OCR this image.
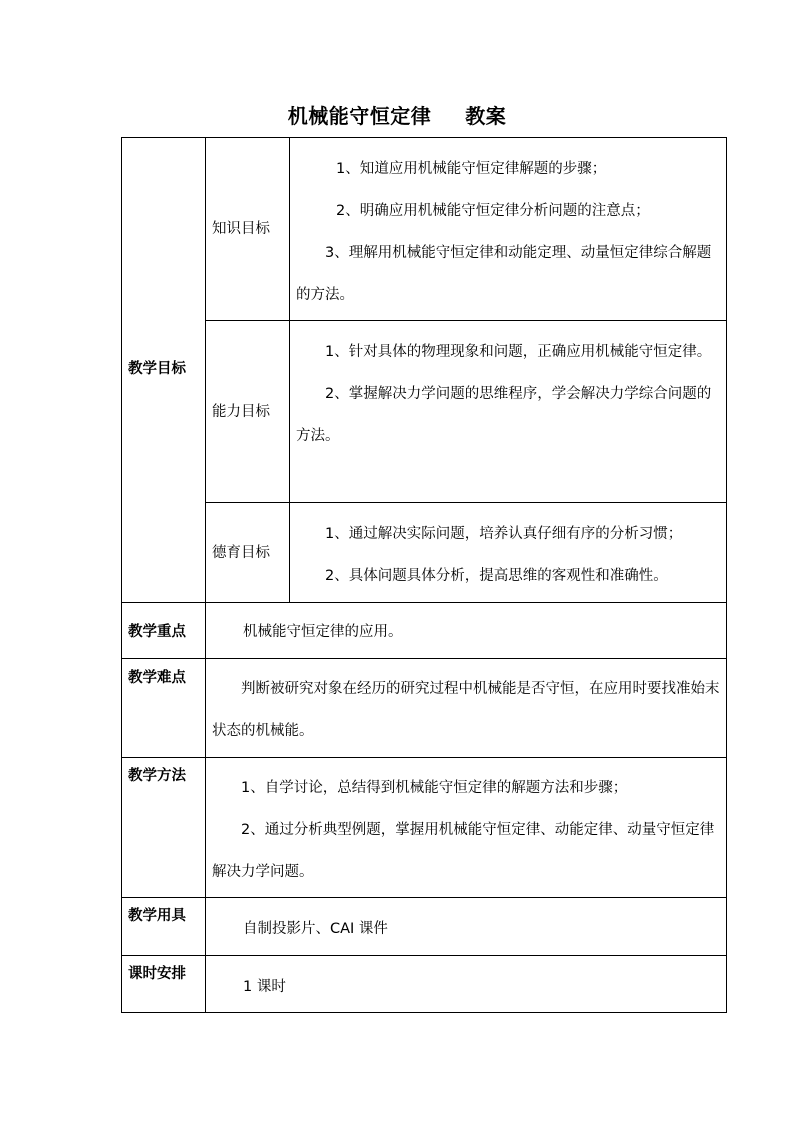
机械能守恒定律 教案
教学目标
知识目标
1、知道应用机械能守恒定律解题的步骤；
2、明确应用机械能守恒定律分析问题的注意点；
3、理解用机械能守恒定律和动能定理、动量恒定律综合解题的方法。
能力目标
1、针对具体的物理现象和问题，正确应用机械能守恒定律。
2、掌握解决力学问题的思维程序，学会解决力学综合问题的方法。
德育目标
1、通过解决实际问题，培养认真仔细有序的分析习惯；
2、具体问题具体分析，提高思维的客观性和准确性。
教学重点	机械能守恒定律的应用。
教学难点
判断被研究对象在经历的研究过程中机械能是否守恒，在应用时要找准始末状态的机械能。
教学方法
1、自学讨论，总结得到机械能守恒定律的解题方法和步骤；
2、通过分析典型例题，掌握用机械能守恒定律、动能定律、动量守恒定律解决力学问题。
教学用具
自制投影片、CAI 课件
课时安排
1 课时
